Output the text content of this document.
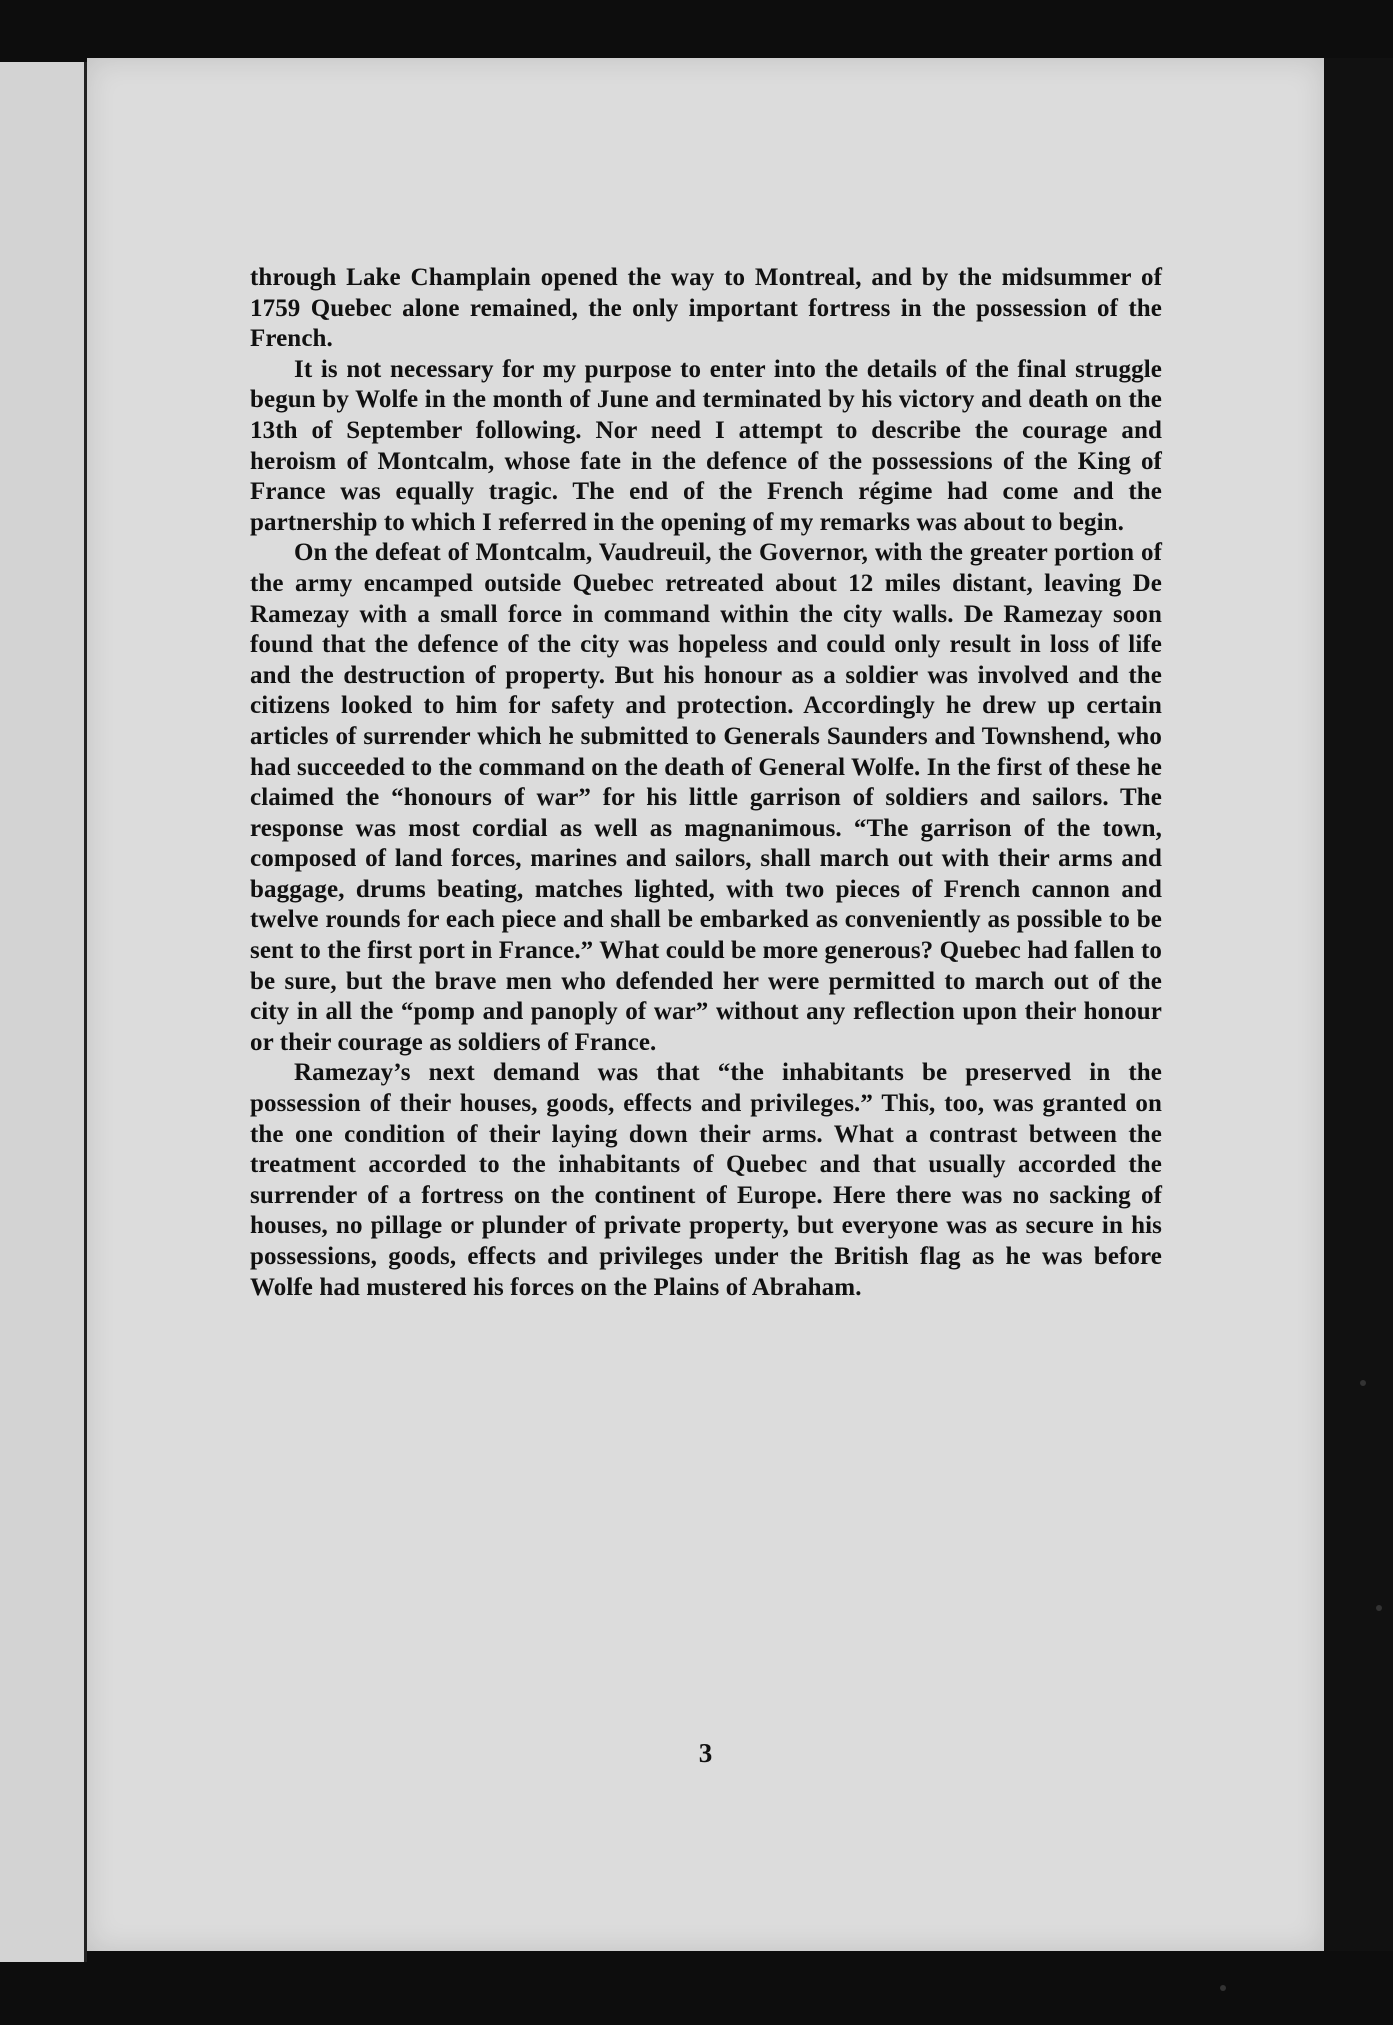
through Lake Champlain opened the way to Montreal, and by the midsummer of 1759 Quebec alone remained, the only important fortress in the possession of the French.

It is not necessary for my purpose to enter into the details of the final struggle begun by Wolfe in the month of June and terminated by his victory and death on the 13th of September following. Nor need I attempt to describe the courage and heroism of Montcalm, whose fate in the defence of the possessions of the King of France was equally tragic. The end of the French régime had come and the partnership to which I referred in the opening of my remarks was about to begin.

On the defeat of Montcalm, Vaudreuil, the Governor, with the greater portion of the army encamped outside Quebec retreated about 12 miles distant, leaving De Ramezay with a small force in command within the city walls. De Ramezay soon found that the defence of the city was hopeless and could only result in loss of life and the destruction of property. But his honour as a soldier was involved and the citizens looked to him for safety and protection. Accordingly he drew up certain articles of surrender which he submitted to Generals Saunders and Townshend, who had succeeded to the command on the death of General Wolfe. In the first of these he claimed the “honours of war” for his little garrison of soldiers and sailors. The response was most cordial as well as magnanimous. “The garrison of the town, composed of land forces, marines and sailors, shall march out with their arms and baggage, drums beating, matches lighted, with two pieces of French cannon and twelve rounds for each piece and shall be embarked as conveniently as possible to be sent to the first port in France.” What could be more generous? Quebec had fallen to be sure, but the brave men who defended her were permitted to march out of the city in all the “pomp and panoply of war” without any reflection upon their honour or their courage as soldiers of France.

Ramezay’s next demand was that “the inhabitants be preserved in the possession of their houses, goods, effects and privileges.” This, too, was granted on the one condition of their laying down their arms. What a contrast between the treatment accorded to the inhabitants of Quebec and that usually accorded the surrender of a fortress on the continent of Europe. Here there was no sacking of houses, no pillage or plunder of private property, but everyone was as secure in his possessions, goods, effects and privileges under the British flag as he was before Wolfe had mustered his forces on the Plains of Abraham.

3
